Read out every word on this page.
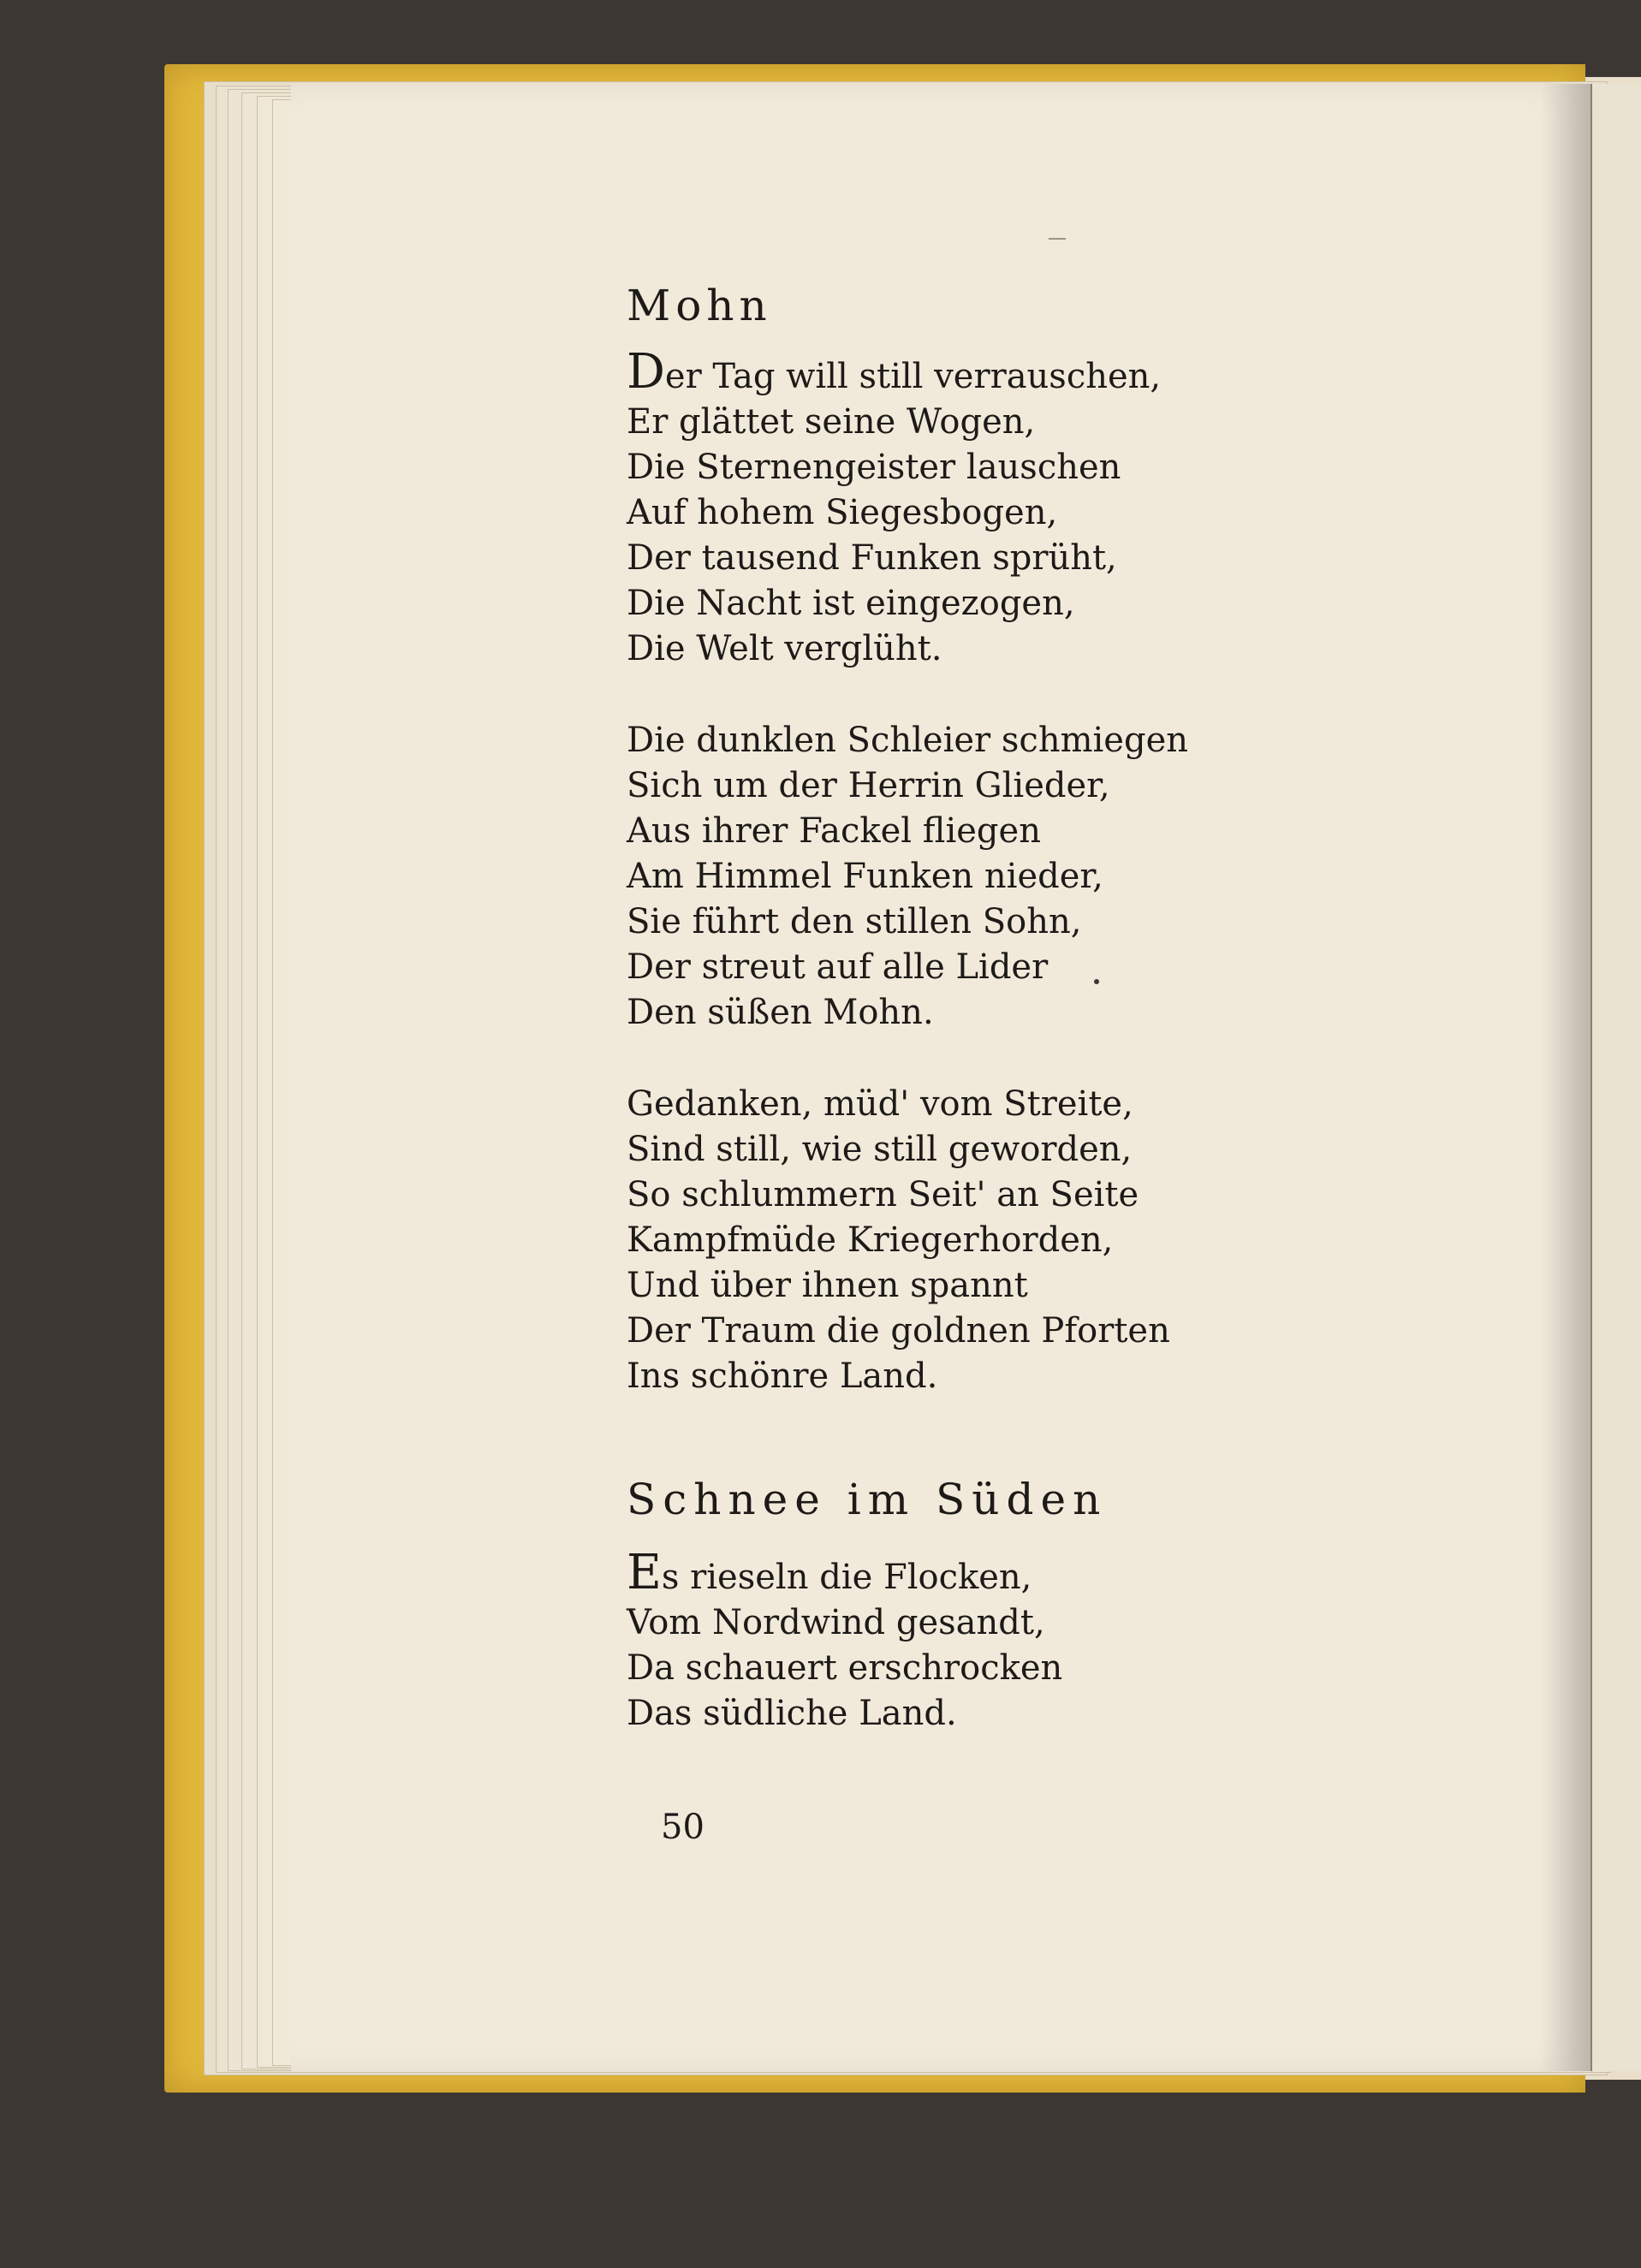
Mohn
Der Tag will still verrauschen,
Er glättet seine Wogen,
Die Sternengeister lauschen
Auf hohem Siegesbogen,
Der tausend Funken sprüht,
Die Nacht ist eingezogen,
Die Welt verglüht.
Die dunklen Schleier schmiegen
Sich um der Herrin Glieder,
Aus ihrer Fackel fliegen
Am Himmel Funken nieder,
Sie führt den stillen Sohn,
Der streut auf alle Lider
Den süßen Mohn.
Gedanken, müd' vom Streite,
Sind still, wie still geworden,
So schlummern Seit' an Seite
Kampfmüde Kriegerhorden,
Und über ihnen spannt
Der Traum die goldnen Pforten
Ins schönre Land.
Schnee im Süden
Es rieseln die Flocken,
Vom Nordwind gesandt,
Da schauert erschrocken
Das südliche Land.
50
